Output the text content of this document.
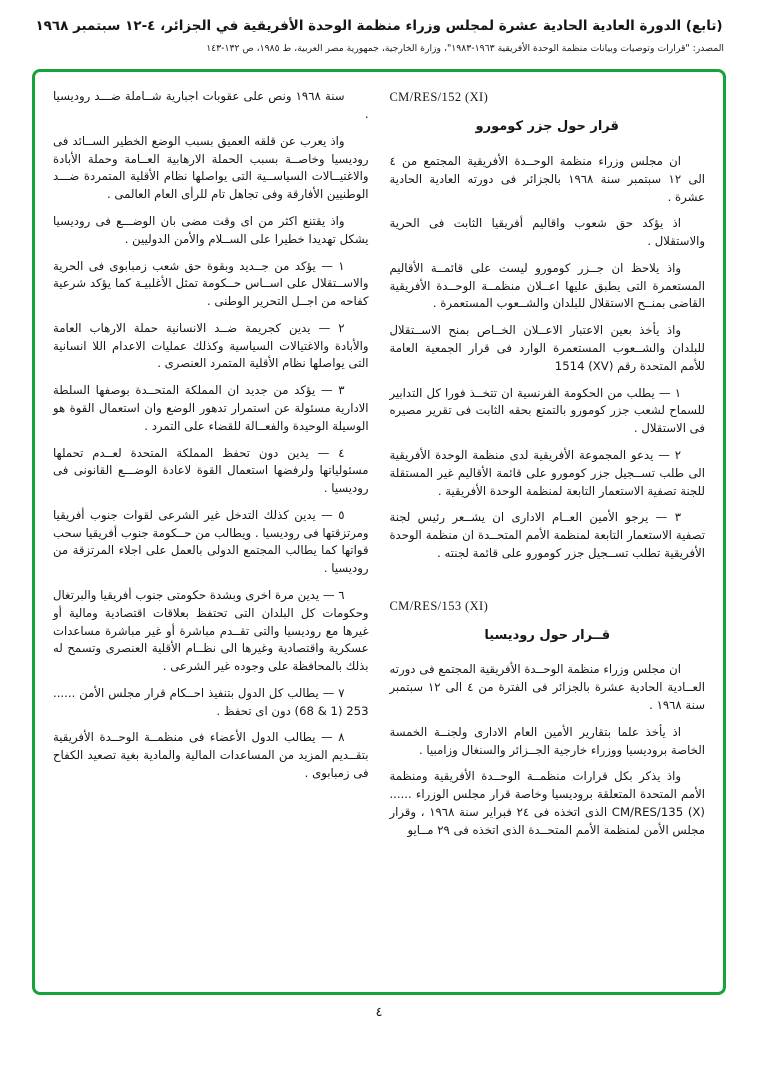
(تابع) الدورة العادية الحادية عشرة لمجلس وزراء منظمة الوحدة الأفريقية في الجزائر، ٤-١٢ سبتمبر ١٩٦٨
المصدر: "قرارات وتوصيات وبيانات منظمة الوحدة الأفريقية ١٩٦٣-١٩٨٣"، وزارة الخارجية، جمهورية مصر العربية، ط ١٩٨٥، ص ١٣٢-١٤٣
CM/RES/152 (XI)
قرار حول جزر كومورو
ان مجلس وزراء منظمة الوحــدة الأفريقية المجتمع من ٤ الى ١٢ سبتمبر سنة ١٩٦٨ بالجزائر فى دورته العادية الحادية عشرة .
اذ يؤكد حق شعوب واقاليم أفريقيا الثابت فى الحرية والاستقلال .
واذ يلاحظ ان جــزر كومورو ليست على قائمــة الأقاليم المستعمرة التى يطبق عليها اعــلان منظمــة الوحــدة الأفريقية القاضى بمنــح الاستقلال للبلدان والشــعوب المستعمرة .
واذ يأخذ بعين الاعتبار الاعــلان الخــاص بمنح الاســتقلال للبلدان والشــعوب المستعمرة الوارد فى قرار الجمعية العامة للأمم المتحدة رقم (XV) 1514
١ — يطلب من الحكومة الفرنسية ان تتخــذ فورا كل التدابير للسماح لشعب جزر كومورو بالتمتع بحقه الثابت فى تقرير مصيره فى الاستقلال .
٢ — يدعو المجموعة الأفريقية لدى منظمة الوحدة الأفريقية الى طلب تســجيل جزر كومورو على قائمة الأقاليم غير المستقلة للجنة تصفية الاستعمار التابعة لمنظمة الوحدة الأفريقية .
٣ — يرجو الأمين العــام الادارى ان يشــعر رئيس لجنة تصفية الاستعمار التابعة لمنظمة الأمم المتحــدة ان منظمة الوحدة الأفريقية تطلب تســجيل جزر كومورو على قائمة لجنته .
CM/RES/153 (XI)
قــرار حول روديسيا
ان مجلس وزراء منظمة الوحــدة الأفريقية المجتمع فى دورته العــادية الحادية عشرة بالجزائر فى الفترة من ٤ الى ١٢ سبتمبر سنة ١٩٦٨ .
اذ يأخذ علما بتقارير الأمين العام الادارى ولجنــة الخمسة الخاصة بروديسيا ووزراء خارجية الجــزائر والسنغال وزامبيا .
واذ يذكر بكل قرارات منظمــة الوحــدة الأفريقية ومنظمة الأمم المتحدة المتعلقة بروديسيا وخاصة قرار مجلس الوزراء ...... CM/RES/135 (X) الذى اتخذه فى ٢٤ فبراير سنة ١٩٦٨ ، وقرار مجلس الأمن لمنظمة الأمم المتحــدة الذى اتخذه فى ٢٩ مــايو
سنة ١٩٦٨ ونص على عقوبات اجبارية شــاملة ضـــد روديسيا .
واذ يعرب عن قلقه العميق بسبب الوضع الخطير الســائد فى روديسيا وخاصــة بسبب الحملة الارهابية العــامة وحملة الأبادة والاغتيــالات السياســية التى يواصلها نظام الأقلية المتمردة ضـــد الوطنيين الأفارقة وفى تجاهل تام للرأى العام العالمى .
واذ يقتنع اكثر من اى وقت مضى بان الوضـــع فى روديسيا يشكل تهديدا خطيرا على الســلام والأمن الدوليين .
١ — يؤكد من جــديد وبقوة حق شعب زمبابوى فى الحرية والاســتقلال على اســاس حــكومة تمثل الأغلبيـة كما يؤكد شرعية كفاحه من اجــل التحرير الوطنى .
٢ — يدين كجريمة ضــد الانسانية حملة الارهاب العامة والأبادة والاغتيالات السياسية وكذلك عمليات الاعدام اللا انسانية التى يواصلها نظام الأقلية المتمرد العنصرى .
٣ — يؤكد من جديد ان المملكة المتحــدة بوصفها السلطة الادارية مسئولة عن استمرار تدهور الوضع وان استعمال القوة هو الوسيلة الوحيدة والفعــالة للقضاء على التمرد .
٤ — يدين دون تحفظ المملكة المتحدة لعــدم تحملها مسئولياتها ولرفضها استعمال القوة لاعادة الوضـــع القانونى فى روديسيا .
٥ — يدين كذلك التدخل غير الشرعى لقوات جنوب أفريقيا ومرتزقتها فى روديسيا . ويطالب من حــكومة جنوب أفريقيا سحب قواتها كما يطالب المجتمع الدولى بالعمل على اجلاء المرتزقة من روديسيا .
٦ — يدين مرة اخرى وبشدة حكومتى جنوب أفريقيا والبرتغال وحكومات كل البلدان التى تحتفظ بعلاقات اقتصادية ومالية أو غيرها مع روديسيا والتى تقــدم مباشرة أو غير مباشرة مساعدات عسكرية واقتصادية وغيرها الى نظــام الأقلية العنصرى وتسمح له بذلك بالمحافظة على وجوده غير الشرعى .
٧ — يطالب كل الدول بتنفيذ احــكام قرار مجلس الأمن ...... 253 (1 & 68) دون اى تحفظ .
٨ — يطالب الدول الأعضاء فى منظمــة الوحــدة الأفريقية بتقــديم المزيد من المساعدات المالية والمادية بغية تصعيد الكفاح فى زمبابوى .
٤
